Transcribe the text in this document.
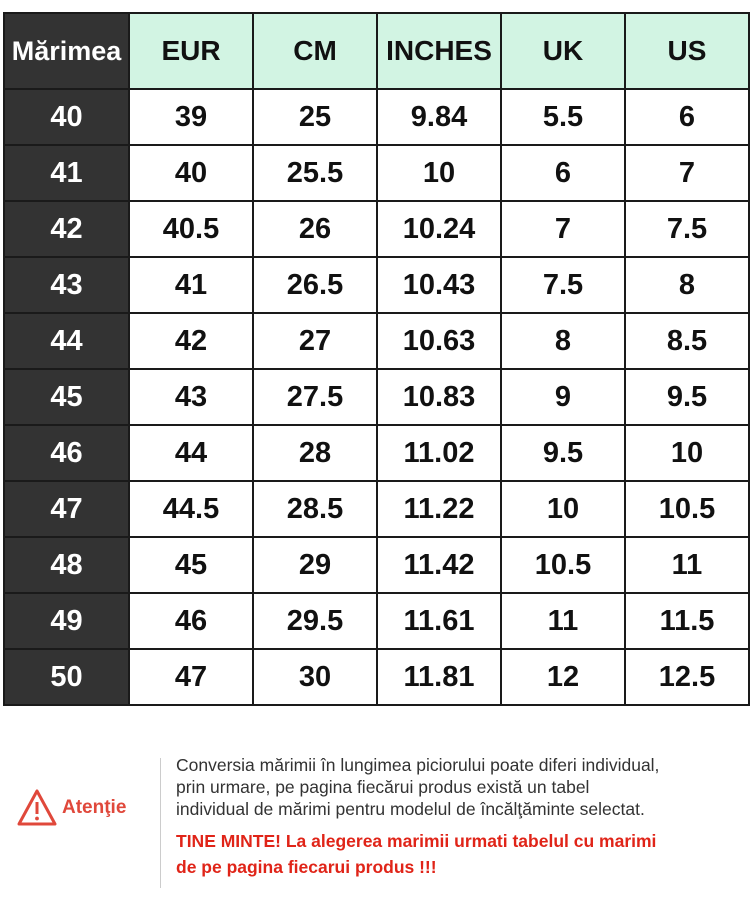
Mărimea	EUR	CM	INCHES	UK	US
40	39	25	9.84	5.5	6
41	40	25.5	10	6	7
42	40.5	26	10.24	7	7.5
43	41	26.5	10.43	7.5	8
44	42	27	10.63	8	8.5
45	43	27.5	10.83	9	9.5
46	44	28	11.02	9.5	10
47	44.5	28.5	11.22	10	10.5
48	45	29	11.42	10.5	11
49	46	29.5	11.61	11	11.5
50	47	30	11.81	12	12.5
Atenţie
Conversia mărimii în lungimea piciorului poate diferi individual,
prin urmare, pe pagina fiecărui produs există un tabel
individual de mărimi pentru modelul de încălţăminte selectat.
TINE MINTE! La alegerea marimii urmati tabelul cu marimi
de pe pagina fiecarui produs !!!
